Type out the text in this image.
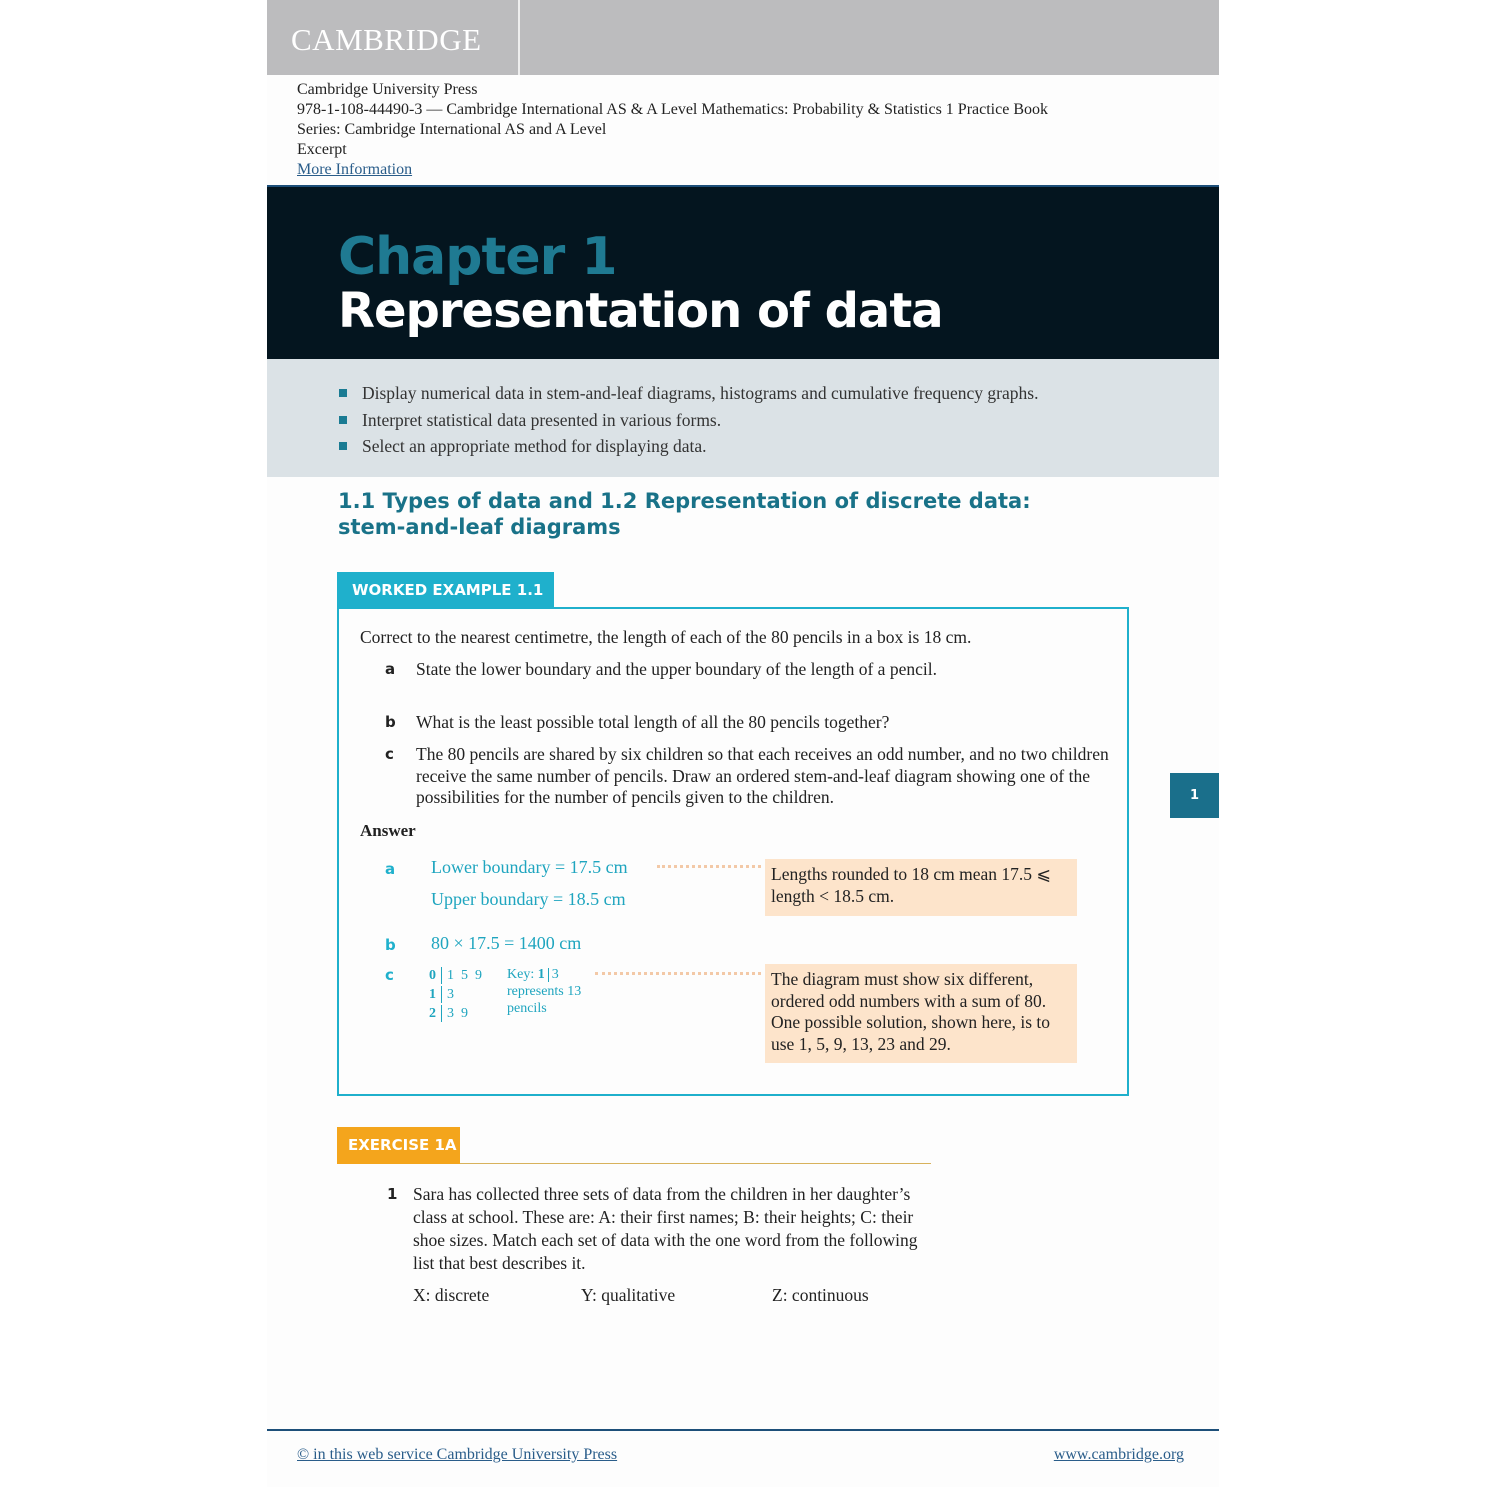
CAMBRIDGE
Cambridge University Press
978-1-108-44490-3 — Cambridge International AS & A Level Mathematics: Probability & Statistics 1 Practice Book
Series: Cambridge International AS and A Level
Excerpt
More Information
Chapter 1
Representation of data
Display numerical data in stem-and-leaf diagrams, histograms and cumulative frequency graphs.
Interpret statistical data presented in various forms.
Select an appropriate method for displaying data.
1.1 Types of data and 1.2 Representation of discrete data: stem-and-leaf diagrams
WORKED EXAMPLE 1.1
Correct to the nearest centimetre, the length of each of the 80 pencils in a box is 18 cm.
a State the lower boundary and the upper boundary of the length of a pencil.
b What is the least possible total length of all the 80 pencils together?
c The 80 pencils are shared by six children so that each receives an odd number, and no two children receive the same number of pencils. Draw an ordered stem-and-leaf diagram showing one of the possibilities for the number of pencils given to the children.
Answer
a Lower boundary = 17.5 cm
Upper boundary = 18.5 cm
Lengths rounded to 18 cm mean 17.5 ⩽ length < 18.5 cm.
b 80 × 17.5 = 1400 cm
c	0 1  5  9
1 3
2 3  9
Key: 1 3
represents 13 pencils
The diagram must show six different, ordered odd numbers with a sum of 80. One possible solution, shown here, is to use 1, 5, 9, 13, 23 and 29.
EXERCISE 1A
1 Sara has collected three sets of data from the children in her daughter’s class at school. These are: A: their first names; B: their heights; C: their shoe sizes. Match each set of data with the one word from the following list that best describes it.
X: discrete	Y: qualitative	Z: continuous
1
© in this web service Cambridge University Press	www.cambridge.org
